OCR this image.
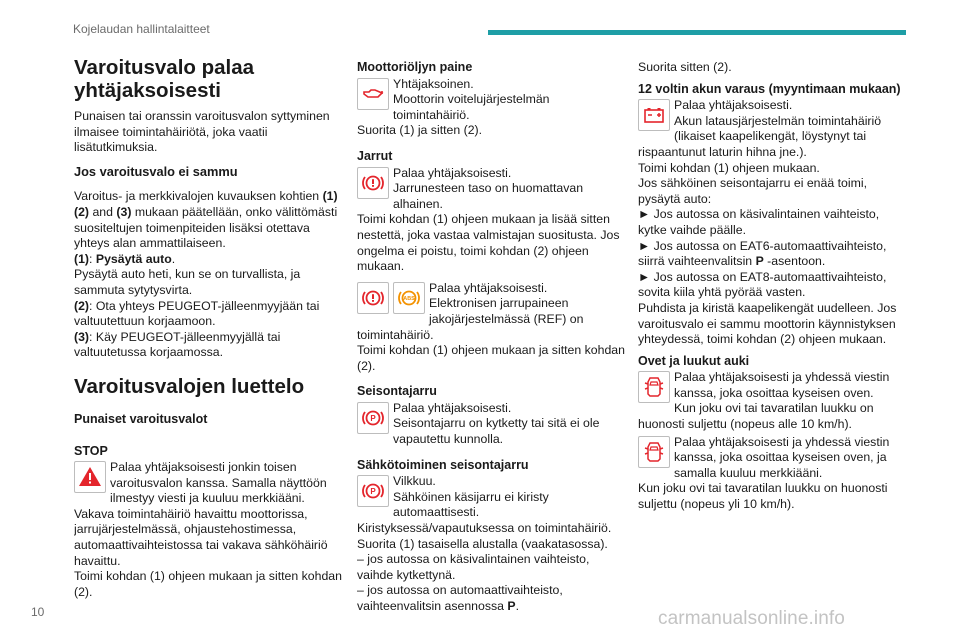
Kojelaudan hallintalaitteet
Varoitusvalo palaa yhtäjaksoisesti

Punaisen tai oranssin varoitusvalon syttyminen ilmaisee toimintahäiriötä, joka vaatii lisätutkimuksia.

Jos varoitusvalo ei sammu

Varoitus- ja merkkivalojen kuvauksen kohtien (1)(2) and (3) mukaan päätellään, onko välittömästi suositeltujen toimenpiteiden lisäksi otettava yhteys alan ammattilaiseen.

(1): Pysäytä auto.

Pysäytä auto heti, kun se on turvallista, ja sammuta sytytysvirta.

(2): Ota yhteys PEUGEOT-jälleenmyyjään tai valtuutettuun korjaamoon.

(3): Käy PEUGEOT-jälleenmyyjällä tai valtuutetussa korjaamossa.

Varoitusvalojen luettelo
Punaiset varoitusvalot
STOP

Palaa yhtäjaksoisesti jonkin toisen varoitusvalon kanssa. Samalla näyttöön ilmestyy viesti ja kuuluu merkkiääni.

Vakava toimintahäiriö havaittu moottorissa, jarrujärjestelmässä, ohjaustehostimessa, automaattivaihteistossa tai vakava sähköhäiriö havaittu.

Toimi kohdan (1) ohjeen mukaan ja sitten kohdan (2).

Moottoriöljyn paine

Yhtäjaksoinen.

Moottorin voitelujärjestelmän toimintahäiriö.

Suorita (1) ja sitten (2).

Jarrut

Palaa yhtäjaksoisesti.

Jarrunesteen taso on huomattavan alhainen.

Toimi kohdan (1) ohjeen mukaan ja lisää sitten nestettä, joka vastaa valmistajan suositusta. Jos ongelma ei poistu, toimi kohdan (2) ohjeen mukaan.

ABS

Palaa yhtäjaksoisesti.

Elektronisen jarrupaineen jakojärjestelmässä (REF) on toimintahäiriö.

Toimi kohdan (1) ohjeen mukaan ja sitten kohdan (2).

Seisontajarru
P

Palaa yhtäjaksoisesti.

Seisontajarru on kytketty tai sitä ei ole vapautettu kunnolla.

Sähkötoiminen seisontajarru
P

Vilkkuu.

Sähköinen käsijarru ei kiristy automaattisesti.

Kiristyksessä/vapautuksessa on toimintahäiriö.

Suorita (1) tasaisella alustalla (vaakatasossa).

– jos autossa on käsivalintainen vaihteisto, vaihde kytkettynä.

– jos autossa on automaattivaihteisto, vaihteenvalitsin asennossa P.

Suorita sitten (2).

12 voltin akun varaus (myyntimaan mukaan)

Palaa yhtäjaksoisesti.

Akun latausjärjestelmän toimintahäiriö (likaiset kaapelikengät, löystynyt tai rispaantunut laturin hihna jne.).

Toimi kohdan (1) ohjeen mukaan.

Jos sähköinen seisontajarru ei enää toimi, pysäytä auto:

► Jos autossa on käsivalintainen vaihteisto, kytke vaihde päälle.

► Jos autossa on EAT6-automaattivaihteisto, siirrä vaihteenvalitsin P -asentoon.

► Jos autossa on EAT8-automaattivaihteisto, sovita kiila yhtä pyörää vasten.

Puhdista ja kiristä kaapelikengät uudelleen. Jos varoitusvalo ei sammu moottorin käynnistyksen yhteydessä, toimi kohdan (2) ohjeen mukaan.

Ovet ja luukut auki

Palaa yhtäjaksoisesti ja yhdessä viestin kanssa, joka osoittaa kyseisen oven.

Kun joku ovi tai tavaratilan luukku on huonosti suljettu (nopeus alle 10 km/h).

Palaa yhtäjaksoisesti ja yhdessä viestin kanssa, joka osoittaa kyseisen oven, ja samalla kuuluu merkkiääni.

Kun joku ovi tai tavaratilan luukku on huonosti suljettu (nopeus yli 10 km/h).

10	carmanualsonline.info
